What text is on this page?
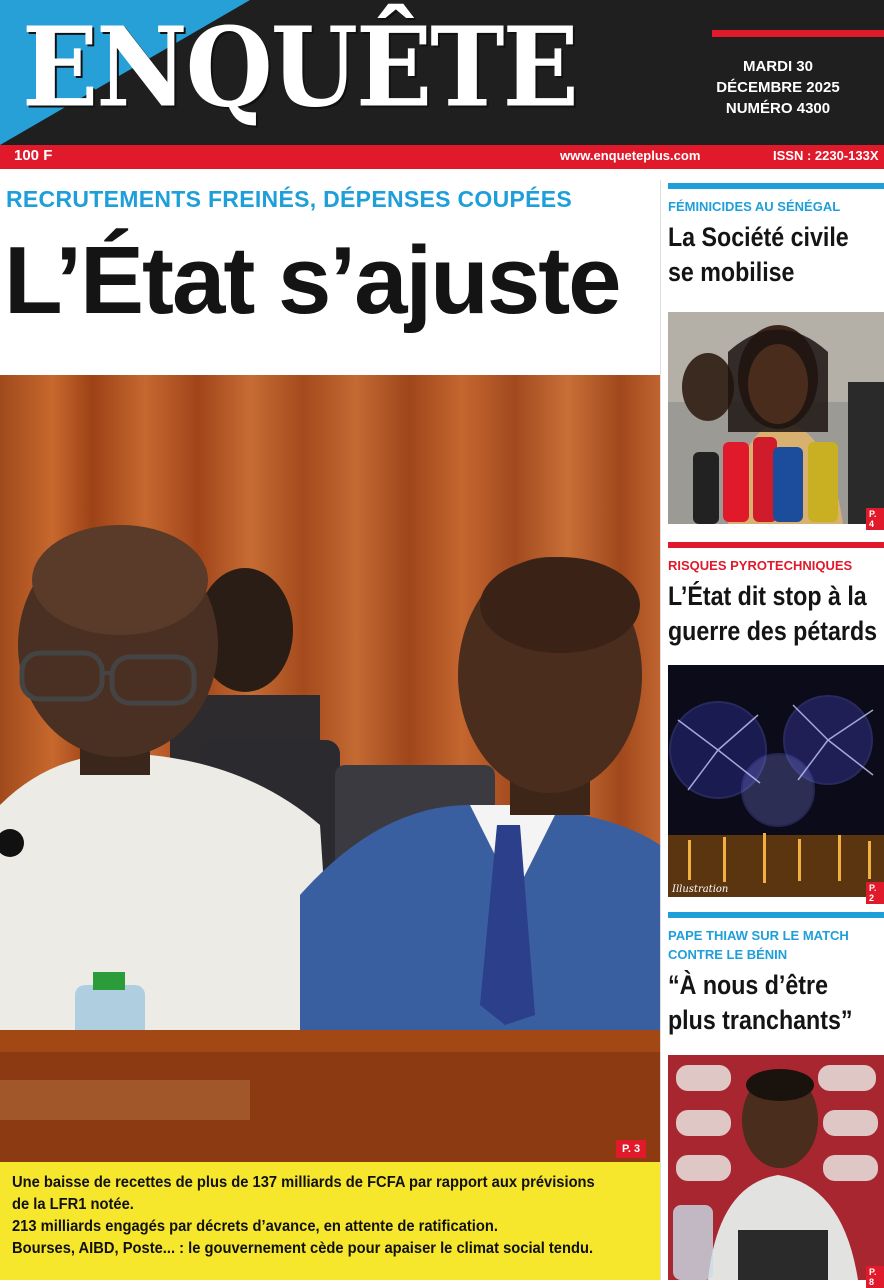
ENQUÊTE	MARDI 30
DÉCEMBRE 2025
NUMÉRO 4300
100 F	www.enqueteplus.com	ISSN : 2230-133X
RECRUTEMENTS FREINÉS, DÉPENSES COUPÉES
L’État s’ajuste
P. 3

Une baisse de recettes de plus de 137 milliards de FCFA par rapport aux prévisions

de la LFR1 notée.

213 milliards engagés par décrets d’avance, en attente de ratification.

Bourses, AIBD, Poste... : le gouvernement cède pour apaiser le climat social tendu.

FÉMINICIDES AU SÉNÉGAL
La Société civile
se mobilise
P. 4
RISQUES PYROTECHNIQUES
L’État dit stop à la
guerre des pétards
Illustration	P. 2
PAPE THIAW SUR LE MATCH
CONTRE LE BÉNIN
“À nous d’être
plus tranchants”
P. 8
